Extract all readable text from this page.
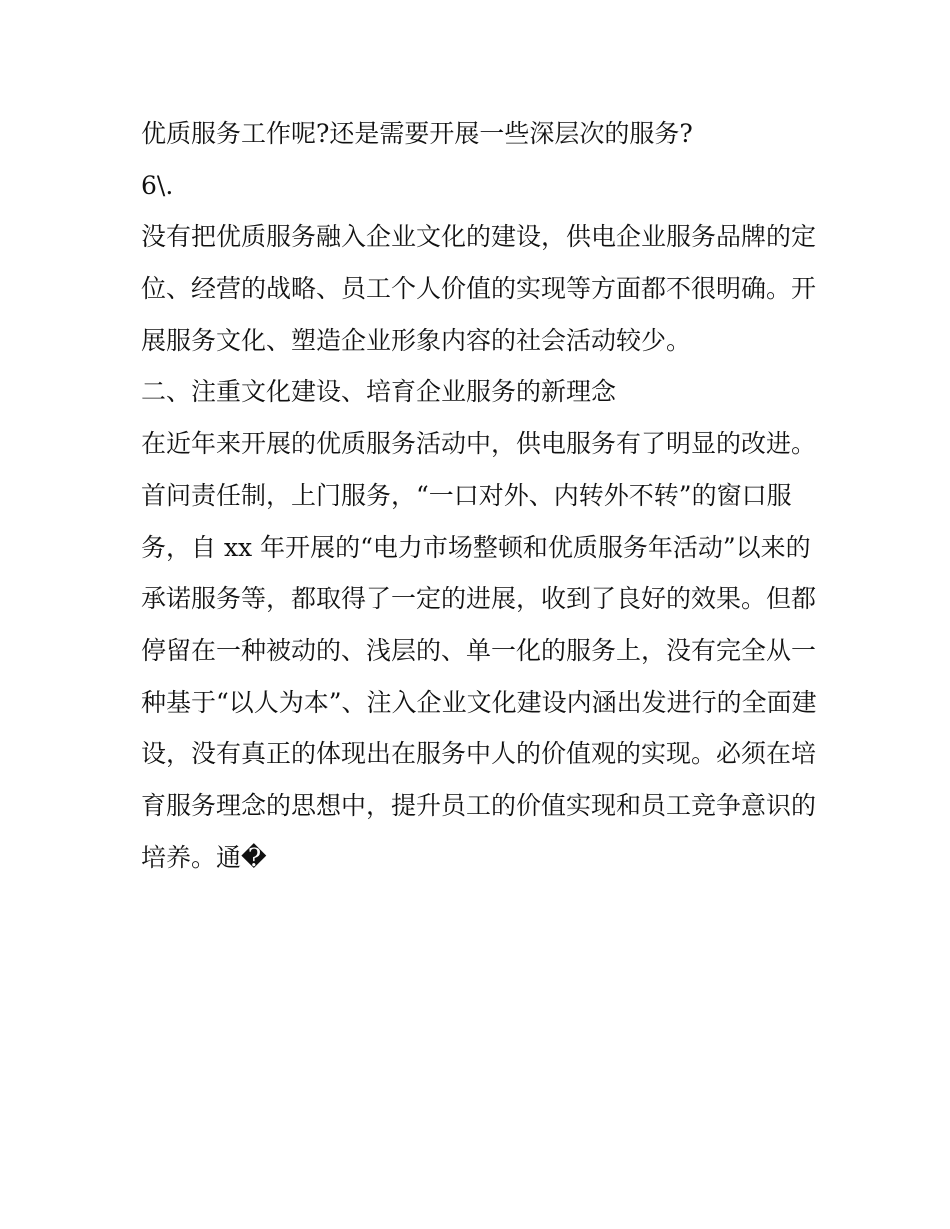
优质服务工作呢?还是需要开展一些深层次的服务?
6\.
没有把优质服务融入企业文化的建设，供电企业服务品牌的定
位、经营的战略、员工个人价值的实现等方面都不很明确。开
展服务文化、塑造企业形象内容的社会活动较少。
二、注重文化建设、培育企业服务的新理念
在近年来开展的优质服务活动中，供电服务有了明显的改进。
首问责任制，上门服务，“一口对外、内转外不转”的窗口服
务，自 xx 年开展的“电力市场整顿和优质服务年活动”以来的
承诺服务等，都取得了一定的进展，收到了良好的效果。但都
停留在一种被动的、浅层的、单一化的服务上，没有完全从一
种基于“以人为本”、注入企业文化建设内涵出发进行的全面建
设，没有真正的体现出在服务中人的价值观的实现。必须在培
育服务理念的思想中，提升员工的价值实现和员工竞争意识的
培养。通�
